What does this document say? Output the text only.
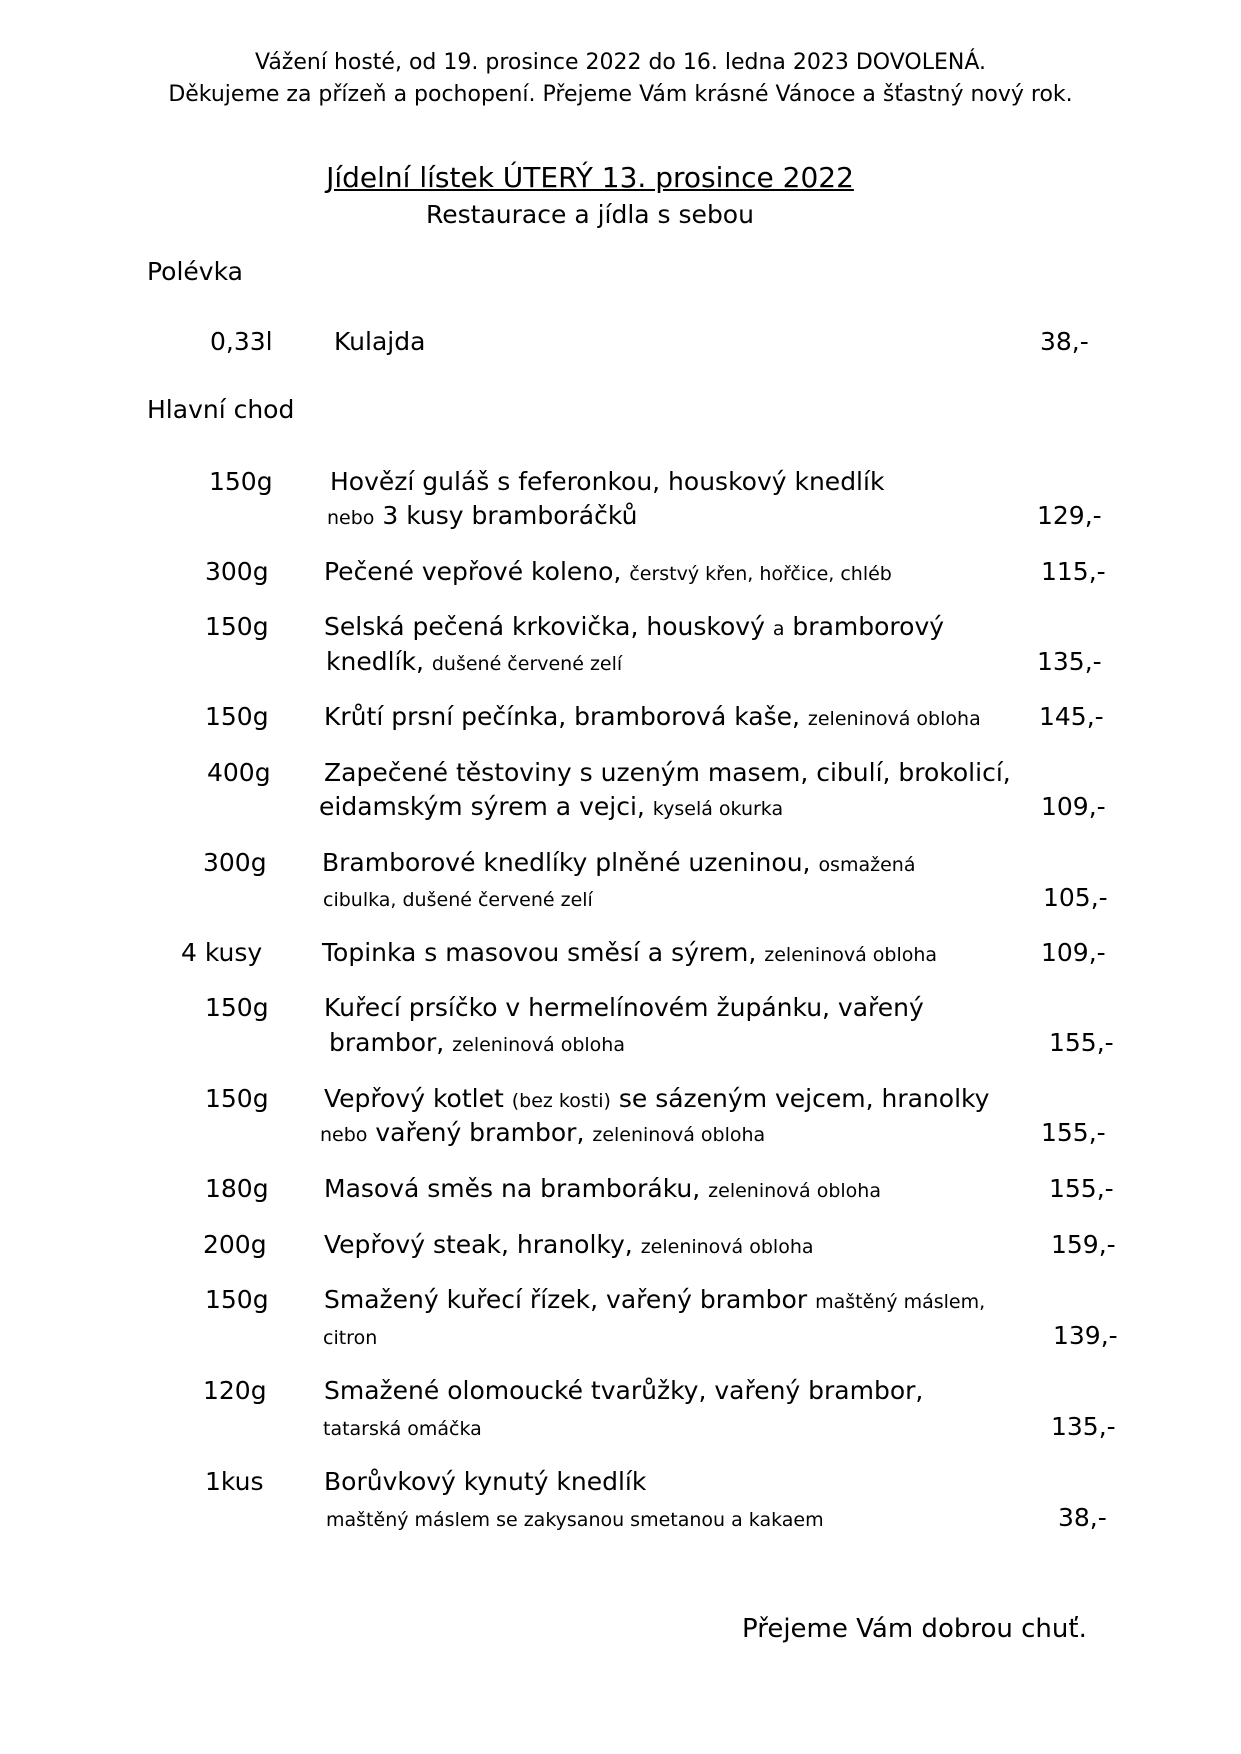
Vážení hosté, od 19. prosince 2022 do 16. ledna 2023 DOVOLENÁ.
Děkujeme za přízeň a pochopení. Přejeme Vám krásné Vánoce a šťastný nový rok.
Jídelní lístek ÚTERÝ 13. prosince 2022
Restaurace a jídla s sebou
Polévka
0,33l Kulajda	38,-
Hlavní chod
150g Hovězí guláš s feferonkou, houskový knedlík
nebo 3 kusy bramboráčků	129,-
300g Pečené vepřové koleno, čerstvý křen, hořčice, chléb	115,-
150g Selská pečená krkovička, houskový a bramborový
knedlík, dušené červené zelí	135,-
150g Krůtí prsní pečínka, bramborová kaše, zeleninová obloha 145,-
400g Zapečené těstoviny s uzeným masem, cibulí, brokolicí,
eidamským sýrem a vejci, kyselá okurka	109,-
300g Bramborové knedlíky plněné uzeninou, osmažená
cibulka, dušené červené zelí	105,-
4 kusy Topinka s masovou směsí a sýrem, zeleninová obloha	109,-
150g Kuřecí prsíčko v hermelínovém župánku, vařený
brambor, zeleninová obloha	155,-
150g Vepřový kotlet (bez kosti) se sázeným vejcem, hranolky
nebo vařený brambor, zeleninová obloha	155,-
180g Masová směs na bramboráku, zeleninová obloha	155,-
200g Vepřový steak, hranolky, zeleninová obloha	159,-
150g Smažený kuřecí řízek, vařený brambor maštěný máslem,
citron	139,-
120g Smažené olomoucké tvarůžky, vařený brambor,
tatarská omáčka	135,-
1kus Borůvkový kynutý knedlík
maštěný máslem se zakysanou smetanou a kakaem	38,-
Přejeme Vám dobrou chuť.
